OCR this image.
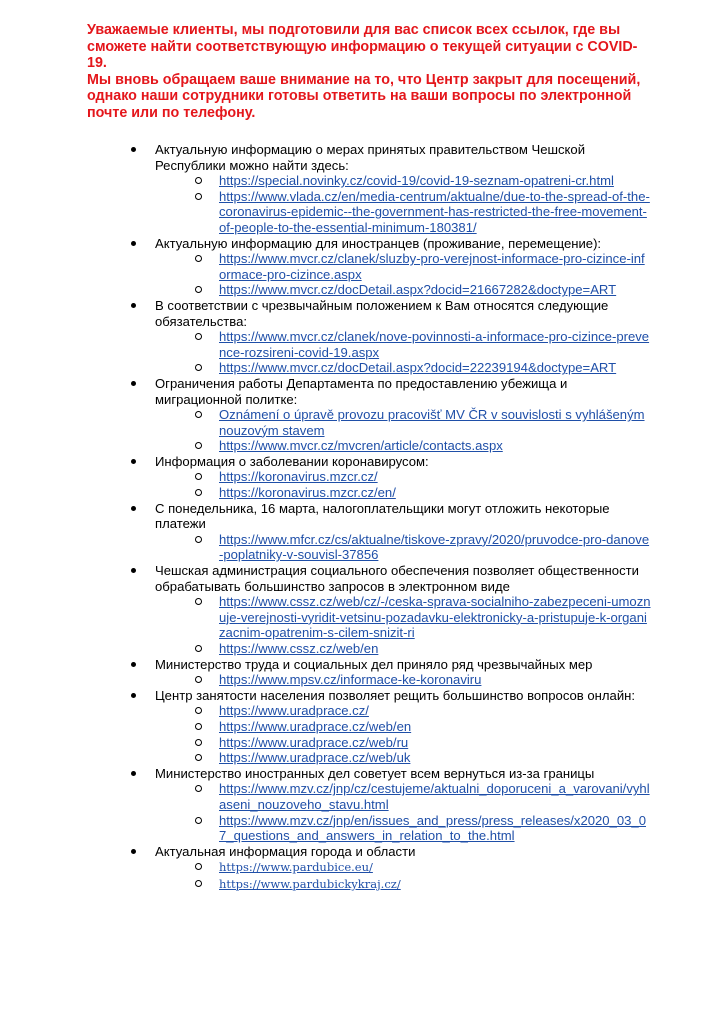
Уважаемые клиенты, мы подготовили для вас список всех ссылок, где вы сможете найти соответствующую информацию о текущей ситуации с COVID-19.

Мы вновь обращаем ваше внимание на то, что Центр закрыт для посещений, однако наши сотрудники готовы ответить на ваши вопросы по электронной почте или по телефону.

Актуальную информацию о мерах принятых правительством Чешской Республики можно найти здесь:
https://special.novinky.cz/covid-19/covid-19-seznam-opatreni-cr.html
https://www.vlada.cz/en/media-centrum/aktualne/due-to-the-spread-of-the-coronavirus-epidemic--the-government-has-restricted-the-free-movement-of-people-to-the-essential-minimum-180381/
Актуальную информацию для иностранцев (проживание, перемещение):
https://www.mvcr.cz/clanek/sluzby-pro-verejnost-informace-pro-cizince-informace-pro-cizince.aspx
https://www.mvcr.cz/docDetail.aspx?docid=21667282&doctype=ART
В соответствии с чрезвычайным положением к Вам относятся следующие обязательства:
https://www.mvcr.cz/clanek/nove-povinnosti-a-informace-pro-cizince-prevence-rozsireni-covid-19.aspx
https://www.mvcr.cz/docDetail.aspx?docid=22239194&doctype=ART
Ограничения работы Департамента по предоставлению убежища и миграционной политке:
Oznámení o úpravě provozu pracovišť MV ČR v souvislosti s vyhlášeným nouzovým stavem
https://www.mvcr.cz/mvcren/article/contacts.aspx
Информация о заболевании коронавирусом:
https://koronavirus.mzcr.cz/
https://koronavirus.mzcr.cz/en/
С понедельника, 16 марта, налогоплательщики могут отложить некоторые платежи
https://www.mfcr.cz/cs/aktualne/tiskove-zpravy/2020/pruvodce-pro-danove-poplatniky-v-souvisl-37856
Чешская администрация социального обеспечения позволяет общественности обрабатывать большинство запросов в электронном виде
https://www.cssz.cz/web/cz/-/ceska-sprava-socialniho-zabezpeceni-umoznuje-verejnosti-vyridit-vetsinu-pozadavku-elektronicky-a-pristupuje-k-organizacnim-opatrenim-s-cilem-snizit-ri
https://www.cssz.cz/web/en
Министерство труда и социальных дел приняло ряд чрезвычайных мер
https://www.mpsv.cz/informace-ke-koronaviru
Центр занятости населения позволяет рещить большинство вопросов онлайн:
https://www.uradprace.cz/
https://www.uradprace.cz/web/en
https://www.uradprace.cz/web/ru
https://www.uradprace.cz/web/uk
Министерство иностранных дел советует всем вернуться из-за границы
https://www.mzv.cz/jnp/cz/cestujeme/aktualni_doporuceni_a_varovani/vyhlaseni_nouzoveho_stavu.html
https://www.mzv.cz/jnp/en/issues_and_press/press_releases/x2020_03_07_questions_and_answers_in_relation_to_the.html
Актуальная информация города и области
https://www.pardubice.eu/
https://www.pardubickykraj.cz/
